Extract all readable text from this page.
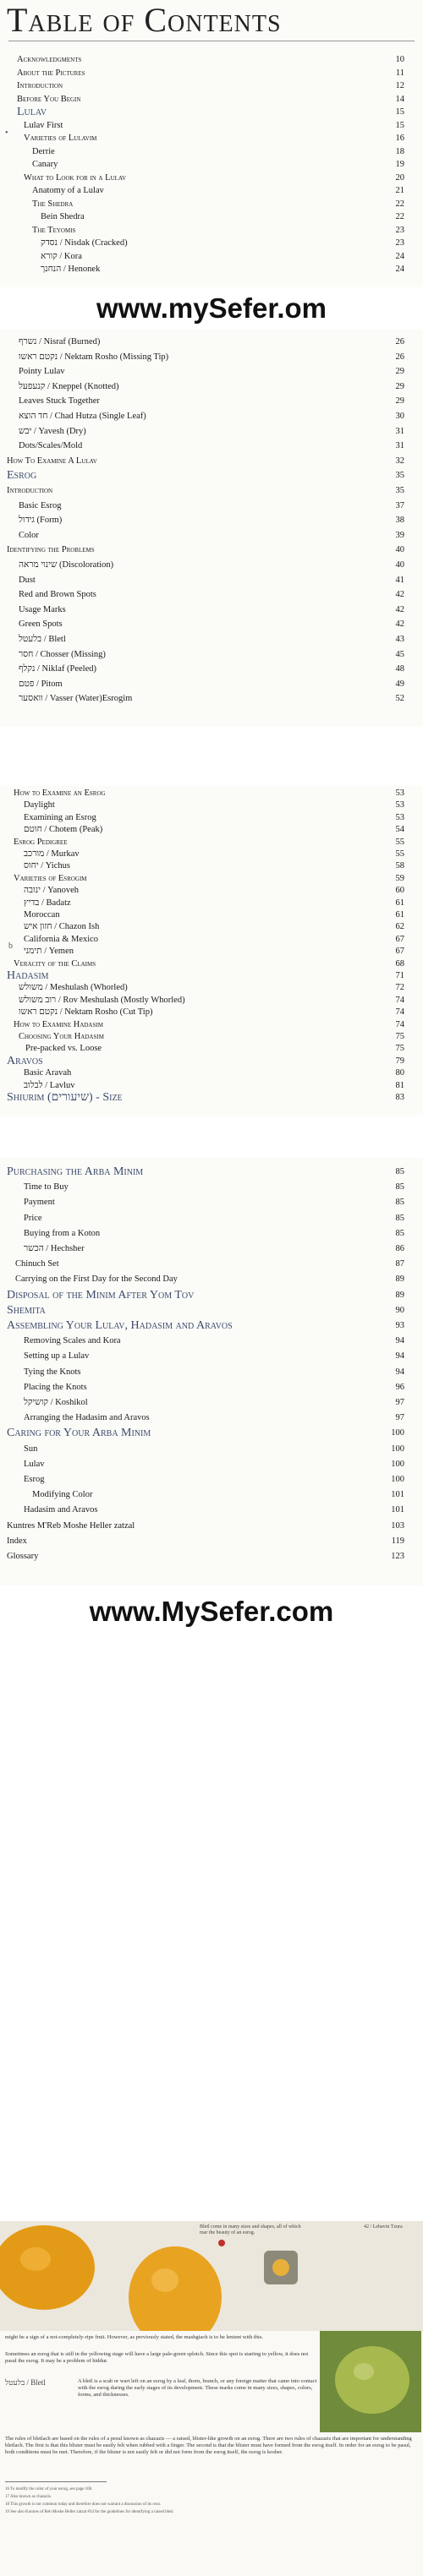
Table of Contents
Acknowledgments	10
About the Pictures	11
Introduction	12
Before You Begin	14
Lulav	15
Lulav First	15
Varieties of Lulavim	16
Derrie	18
Canary	19
What to Look for in a Lulav	20
Anatomy of a Lulav	21
The Shedra	22
Bein Shedra	22
The Teyomis	23
נסדק / Nisdak (Cracked)	23
קורא / Kora	24
הנחנך / Henonek	24
•
www.mySefer.om
נשרף / Nisraf (Burned)	26
נקטם ראשו / Nektam Rosho (Missing Tip)	26
Pointy Lulav	29
קנעפעל / Kneppel (Knotted)	29
Leaves Stuck Together	29
חד הוצא / Chad Hutza (Single Leaf)	30
יבש / Yavesh (Dry)	31
Dots/Scales/Mold	31
How To Examine A Lulav	32
Esrog	35
Introduction	35
Basic Esrog	37
גידול (Form)	38
Color	39
Identifying the Problems	40
שינוי מראה (Discoloration)	40
Dust	41
Red and Brown Spots	42
Usage Marks	42
Green Spots	42
בלעטל / Bletl	43
חסר / Chosser (Missing)	45
נקלף / Niklaf (Peeled)	48
פטם / Pitom	49
וואסער / Vasser (Water)Esrogim	52
How to Examine an Esrog	53
Daylight	53
Examining an Esrog	53
חוטם / Chotem (Peak)	54
Esrog Pedigree	55
מורכב / Murkav	55
יחוס / Yichus	58
Varieties of Esrogim	59
ינובה / Yanoveh	60
בדיץ / Badatz	61
Moroccan	61
חזון איש / Chazon Ish	62
California & Mexico	67
תימני / Yemen	67
Veracity of the Claims	68
Hadasim	71
משולש / Meshulash (Whorled)	72
רוב משולש / Rov Meshulash (Mostly Whorled)	74
נקטם ראשו / Nektam Rosho (Cut Tip)	74
How to Examine Hadasim	74
Choosing Your Hadasim	75
Pre-packed vs. Loose	75
Aravos	79
Basic Aravah	80
לבלוב / Lavluv	81
Shiurim (שיעורים) - Size	83
b
Purchasing the Arba Minim	85
Time to Buy	85
Payment	85
Price	85
Buying from a Koton	85
הכשר / Hechsher	86
Chinuch Set	87
Carrying on the First Day for the Second Day	89
Disposal of the Minim After Yom Tov	89
Shemita	90
Assembling Your Lulav, Hadasim and Aravos	93
Removing Scales and Kora	94
Setting up a Lulav	94
Tying the Knots	94
Placing the Knots	96
קושיקל / Koshikol	97
Arranging the Hadasim and Aravos	97
Caring for Your Arba Minim	100
Sun	100
Lulav	100
Esrog	100
Modifying Color	101
Hadasim and Aravos	101
Kuntres M'Reb Moshe Heller zatzal	103
Index	119
Glossary	123
www.MySefer.com
Bletl come in many sizes and shapes, all of which mar the beauty of an esrog.
42 / Lehavin Tzura
might be a sign of a not-completely-ripe fruit. However, as previously stated, the mashgiach is to be lenient with this.
Sometimes an esrog that is still in the yellowing stage will have a large pale-green splotch. Since this spot is starting to yellow, it does not pasul the esrog. It may be a problem of hiddur.
בלעטל / Bletl	A bletl is a scab or wart left on an esrog by a leaf, thorn, branch, or any foreign matter that came into contact with the esrog during the early stages of its development. These marks come in many sizes, shapes, colors, forms, and thicknesses.
The rules of bletlach are based on the rules of a pesul known as chazazis — a raised, blister-like growth on an esrog. There are two rules of chazazis that are important for understanding bletlach. The first is that this blister must be easily felt when rubbed with a finger. The second is that the blister must have formed from the esrog itself. In order for an esrog to be pasul, both conditions must be met. Therefore, if the blister is not easily felt or did not form from the esrog itself, the esrog is kosher.
16 To modify the color of your esrog, see page 100.
17 Also known as chazazis.
18 This growth is not common today and therefore does not warrant a discussion of its own.
19 See also Kuntres of Reb Moshe Heller zatzal #24 for the guidelines for identifying a raised bletl.
